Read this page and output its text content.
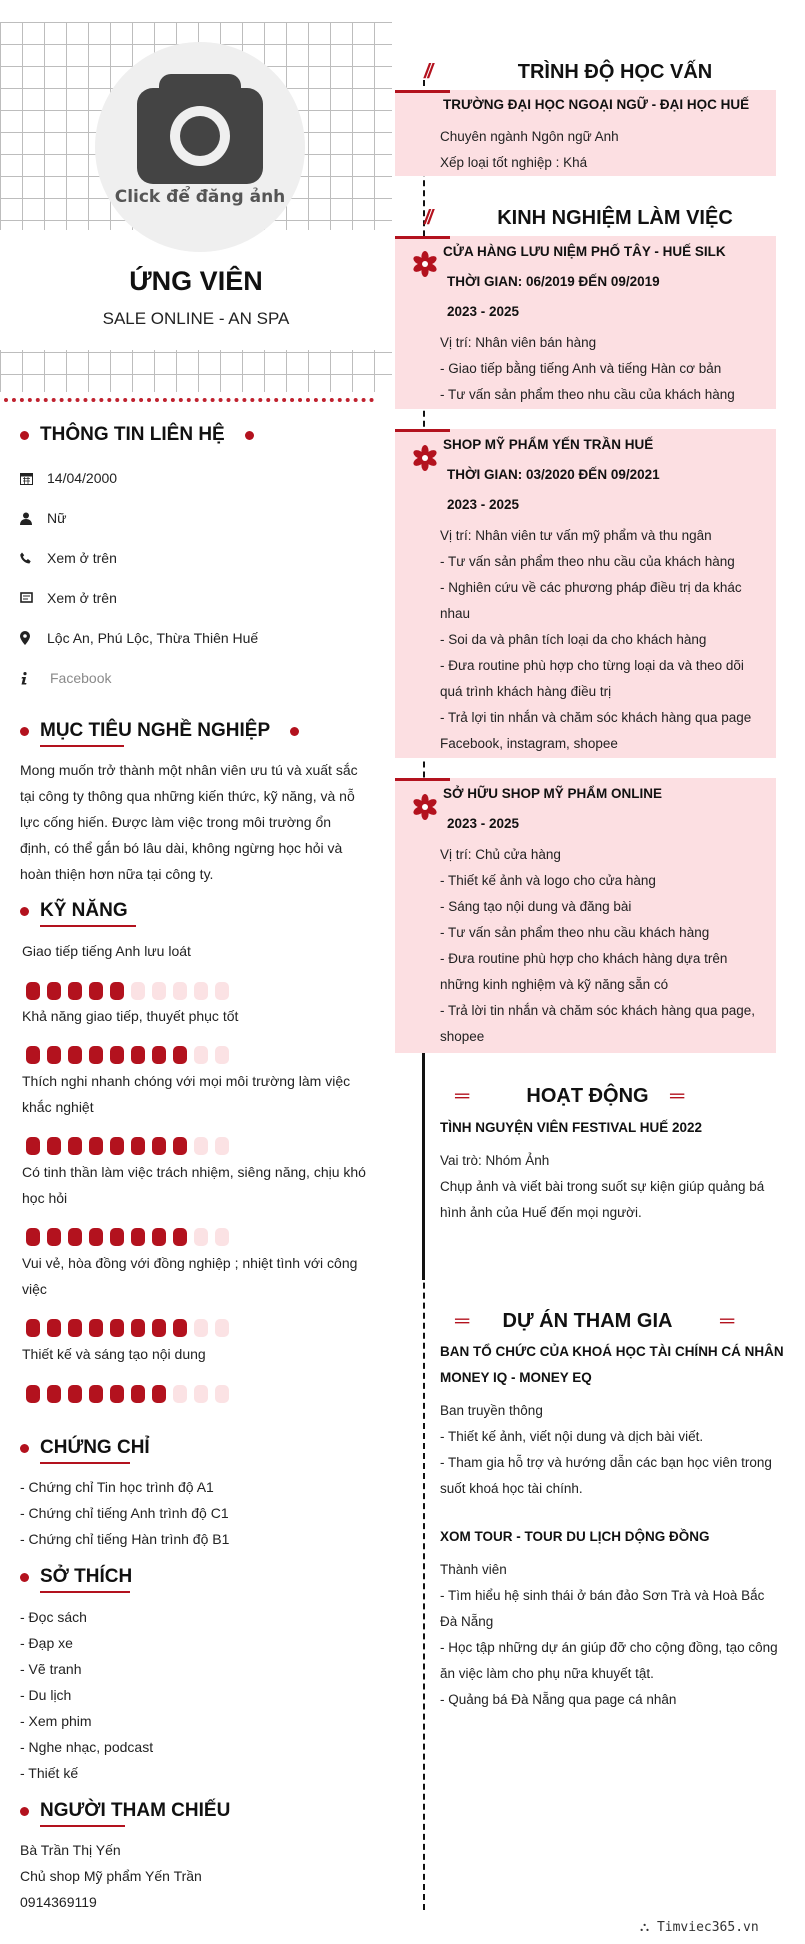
Click để đăng ảnh
ỨNG VIÊN
SALE ONLINE - AN SPA
THÔNG TIN LIÊN HỆ
14/04/2000
Nữ
Xem ở trên
Xem ở trên
Lộc An, Phú Lộc, Thừa Thiên Huế
Facebook
MỤC TIÊU NGHỀ NGHIỆP
Mong muốn trở thành một nhân viên ưu tú và xuất sắc tại công ty thông qua những kiến thức, kỹ năng, và nỗ lực cống hiến. Được làm việc trong môi trường ổn định, có thể gắn bó lâu dài, không ngừng học hỏi và hoàn thiện hơn nữa tại công ty.
KỸ NĂNG
Giao tiếp tiếng Anh lưu loát
Khả năng giao tiếp, thuyết phục tốt
Thích nghi nhanh chóng với mọi môi trường làm việc khắc nghiệt
Có tinh thần làm việc trách nhiệm, siêng năng, chịu khó học hỏi
Vui vẻ, hòa đồng với đồng nghiệp ; nhiệt tình với công việc
Thiết kế và sáng tạo nội dung
CHỨNG CHỈ
- Chứng chỉ Tin học trình độ A1
- Chứng chỉ tiếng Anh trình độ C1
- Chứng chỉ tiếng Hàn trình độ B1
SỞ THÍCH
- Đọc sách
- Đạp xe
- Vẽ tranh
- Du lịch
- Xem phim
- Nghe nhạc, podcast
- Thiết kế
NGƯỜI THAM CHIẾU
Bà Trần Thị Yến
Chủ shop Mỹ phẩm Yến Trần
0914369119
//	TRÌNH ĐỘ HỌC VẤN
TRƯỜNG ĐẠI HỌC NGOẠI NGỮ - ĐẠI HỌC HUẾ
Chuyên ngành Ngôn ngữ Anh
Xếp loại tốt nghiệp : Khá
//	KINH NGHIỆM LÀM VIỆC
CỬA HÀNG LƯU NIỆM PHỐ TÂY - HUẾ SILK
THỜI GIAN: 06/2019 ĐẾN 09/2019
2023 - 2025
Vị trí: Nhân viên bán hàng
- Giao tiếp bằng tiếng Anh và tiếng Hàn cơ bản
- Tư vấn sản phẩm theo nhu cầu của khách hàng
SHOP MỸ PHẨM YẾN TRẦN HUẾ
THỜI GIAN: 03/2020 ĐẾN 09/2021
2023 - 2025
Vị trí: Nhân viên tư vấn mỹ phẩm và thu ngân
- Tư vấn sản phẩm theo nhu cầu của khách hàng
- Nghiên cứu về các phương pháp điều trị da khác nhau
- Soi da và phân tích loại da cho khách hàng
- Đưa routine phù hợp cho từng loại da và theo dõi quá trình khách hàng điều trị
- Trả lợi tin nhắn và chăm sóc khách hàng qua page Facebook, instagram, shopee
SỞ HỮU SHOP MỸ PHẨM ONLINE
2023 - 2025
Vị trí: Chủ cửa hàng
- Thiết kế ảnh và logo cho cửa hàng
- Sáng tạo nội dung và đăng bài
- Tư vấn sản phẩm theo nhu cầu khách hàng
- Đưa routine phù hợp cho khách hàng dựa trên những kinh nghiệm và kỹ năng sẵn có
- Trả lời tin nhắn và chăm sóc khách hàng qua page, shopee
═	HOẠT ĐỘNG	═
TÌNH NGUYỆN VIÊN FESTIVAL HUẾ 2022
Vai trò: Nhóm Ảnh
Chụp ảnh và viết bài trong suốt sự kiện giúp quảng bá hình ảnh của Huế đến mọi người.
═	DỰ ÁN THAM GIA	═
BAN TỔ CHỨC CỦA KHOÁ HỌC TÀI CHÍNH CÁ NHÂN MONEY IQ - MONEY EQ
Ban truyền thông
- Thiết kế ảnh, viết nội dung và dịch bài viết.
- Tham gia hỗ trợ và hướng dẫn các bạn học viên trong suốt khoá học tài chính.
XOM TOUR - TOUR DU LỊCH DỘNG ĐỒNG
Thành viên
- Tìm hiểu hệ sinh thái ở bán đảo Sơn Trà và Hoà Bắc Đà Nẵng
- Học tập những dự án giúp đỡ cho cộng đồng, tạo công ăn việc làm cho phụ nữa khuyết tật.
- Quảng bá Đà Nẵng qua page cá nhân
⛬ Timviec365.vn
